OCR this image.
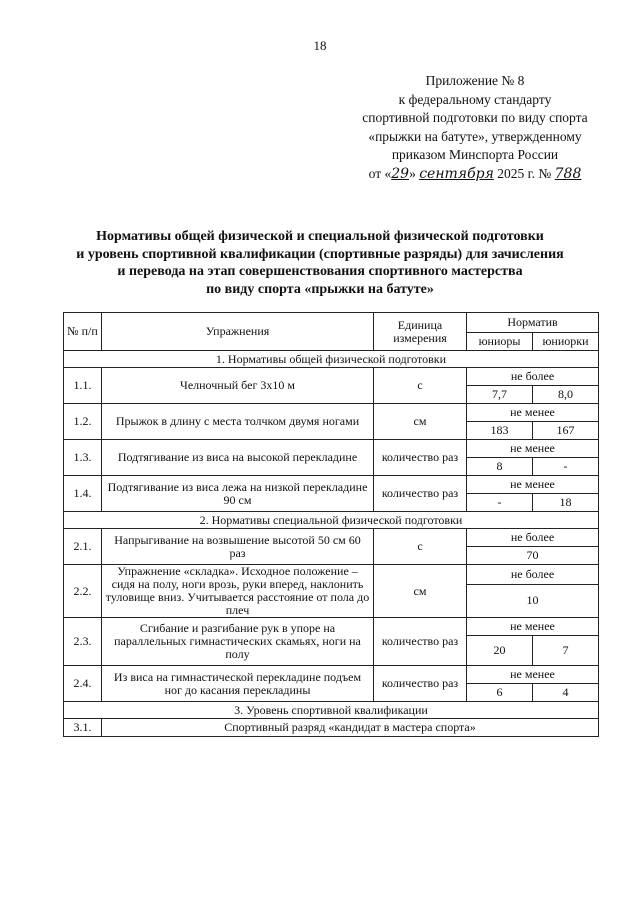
18
Приложение № 8
к федеральному стандарту
спортивной подготовки по виду спорта
«прыжки на батуте», утвержденному
приказом Минспорта России
от «29» сентября 2025 г. № 788
Нормативы общей физической и специальной физической подготовки
и уровень спортивной квалификации (спортивные разряды) для зачисления
и перевода на этап совершенствования спортивного мастерства
по виду спорта «прыжки на батуте»
№ п/п	Упражнения	Единица измерения	Норматив	
			юниоры	юниорки
1. Нормативы общей физической подготовки				
1.1.	Челночный бег 3х10 м	с	не более	
			7,7	8,0
1.2.	Прыжок в длину с места толчком двумя ногами	см	не менее	
			183	167
1.3.	Подтягивание из виса на высокой перекладине	количество раз	не менее	
			8	-
1.4.	Подтягивание из виса лежа на низкой перекладине 90 см	количество раз	не менее	
			-	18
2. Нормативы специальной физической подготовки				
2.1.	Напрыгивание на возвышение высотой 50 см 60 раз	с	не более	
			70	
2.2.	Упражнение «складка». Исходное положение – сидя на полу, ноги врозь, руки вперед, наклонить туловище вниз. Учитывается расстояние от пола до плеч	см	не более	
			10	
2.3.	Сгибание и разгибание рук в упоре на параллельных гимнастических скамьях, ноги на полу	количество раз	не менее	
			20	7
2.4.	Из виса на гимнастической перекладине подъем ног до касания перекладины	количество раз	не менее	
			6	4
3. Уровень спортивной квалификации				
3.1.	Спортивный разряд «кандидат в мастера спорта»			
